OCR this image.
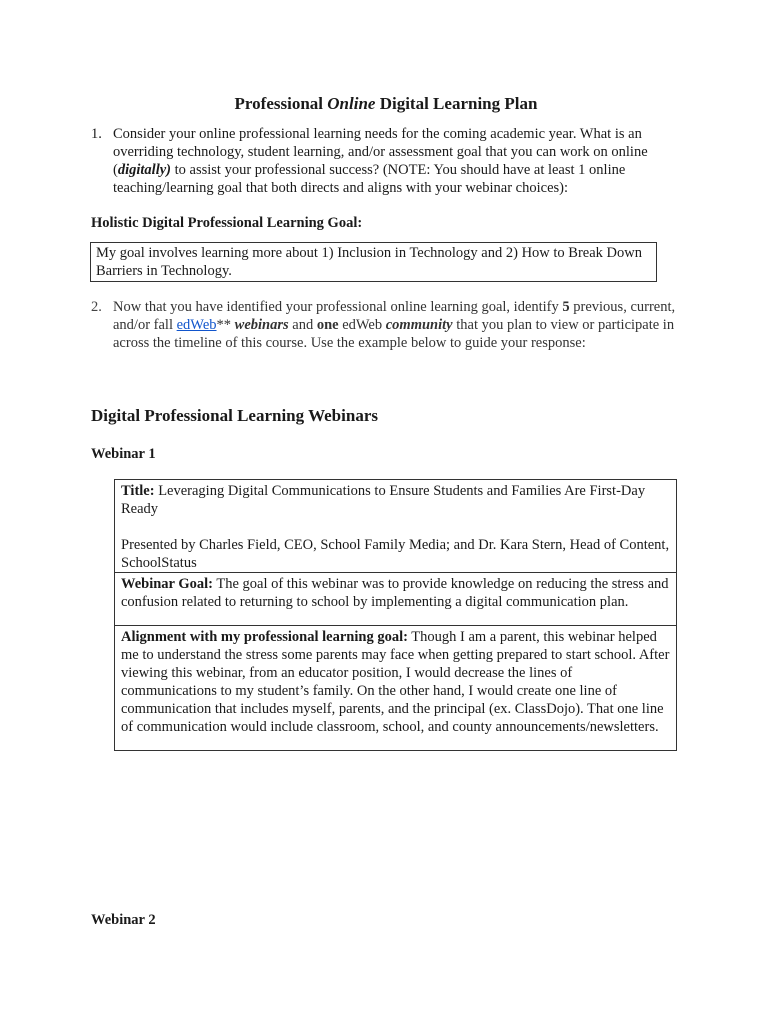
Professional Online Digital Learning Plan
1. Consider your online professional learning needs for the coming academic year. What is an overriding technology, student learning, and/or assessment goal that you can work on online (digitally) to assist your professional success? (NOTE: You should have at least 1 online teaching/learning goal that both directs and aligns with your webinar choices):
Holistic Digital Professional Learning Goal:
My goal involves learning more about 1) Inclusion in Technology and 2) How to Break Down Barriers in Technology.
2. Now that you have identified your professional online learning goal, identify 5 previous, current, and/or fall edWeb** webinars and one edWeb community that you plan to view or participate in across the timeline of this course. Use the example below to guide your response:
Digital Professional Learning Webinars
Webinar 1

Title: Leveraging Digital Communications to Ensure Students and Families Are First-Day Ready

Presented by Charles Field, CEO, School Family Media; and Dr. Kara Stern, Head of Content, SchoolStatus

Webinar Goal: The goal of this webinar was to provide knowledge on reducing the stress and confusion related to returning to school by implementing a digital communication plan.
Alignment with my professional learning goal: Though I am a parent, this webinar helped me to understand the stress some parents may face when getting prepared to start school. After viewing this webinar, from an educator position, I would decrease the lines of communications to my student’s family. On the other hand, I would create one line of communication that includes myself, parents, and the principal (ex. ClassDojo). That one line of communication would include classroom, school, and county announcements/newsletters.
Webinar 2
